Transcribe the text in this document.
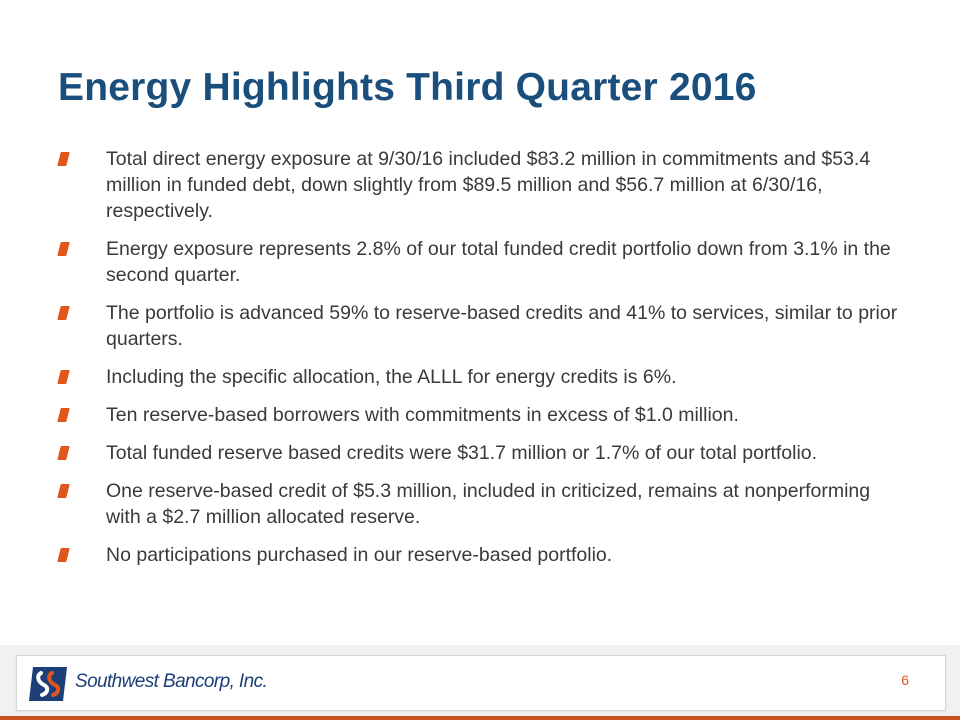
Energy Highlights Third Quarter 2016
Total direct energy exposure at 9/30/16 included $83.2 million in commitments and $53.4 million in funded debt, down slightly from $89.5 million and $56.7 million at 6/30/16, respectively.
Energy exposure represents 2.8% of our total funded credit portfolio down from 3.1% in the second quarter.
The portfolio is advanced 59% to reserve-based credits and 41% to services, similar to prior quarters.
Including the specific allocation, the ALLL for energy credits is 6%.
Ten reserve-based borrowers with commitments in excess of $1.0 million.
Total funded reserve based credits were $31.7 million or 1.7% of our total portfolio.
One reserve-based credit of $5.3 million, included in criticized, remains at nonperforming with a $2.7 million allocated reserve.
No participations purchased in our reserve-based portfolio.
Southwest Bancorp, Inc.	6
